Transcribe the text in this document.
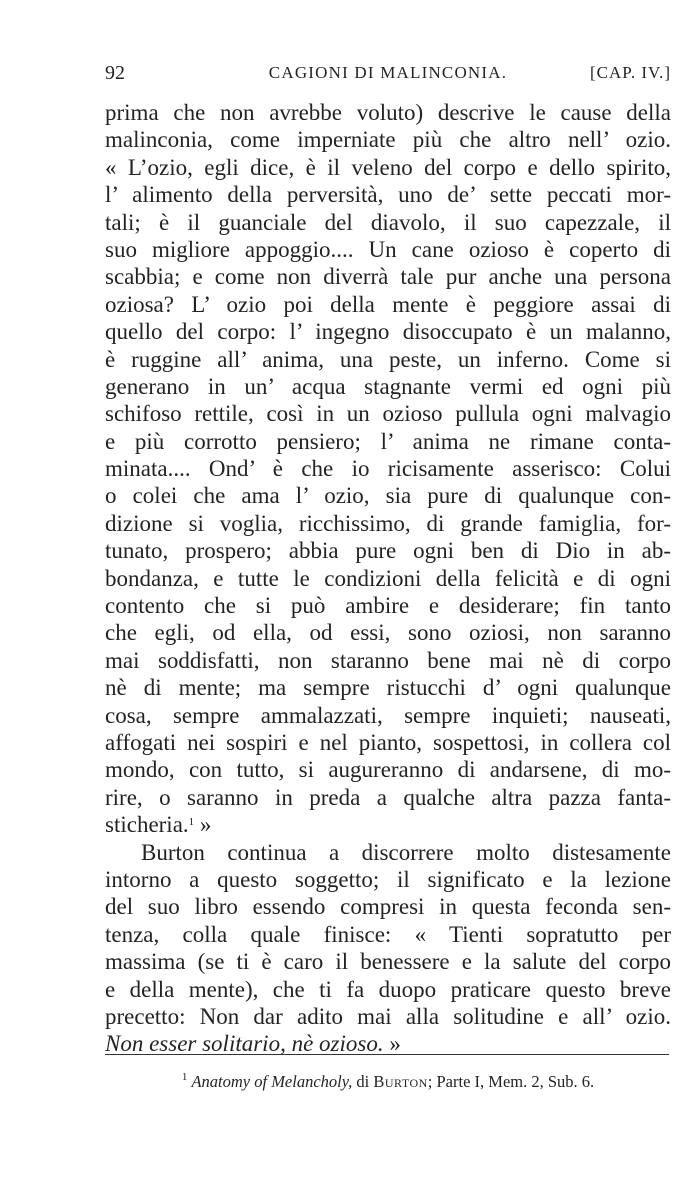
92	CAGIONI DI MALINCONIA.	[CAP. IV.]
prima che non avrebbe voluto) descrive le cause della
malinconia, come imperniate più che altro nell’ ozio.
« L’ozio, egli dice, è il veleno del corpo e dello spirito,
l’ alimento della perversità, uno de’ sette peccati mor-
tali; è il guanciale del diavolo, il suo capezzale, il
suo migliore appoggio.... Un cane ozioso è coperto di
scabbia; e come non diverrà tale pur anche una persona
oziosa? L’ ozio poi della mente è peggiore assai di
quello del corpo: l’ ingegno disoccupato è un malanno,
è ruggine all’ anima, una peste, un inferno. Come si
generano in un’ acqua stagnante vermi ed ogni più
schifoso rettile, così in un ozioso pullula ogni malvagio
e più corrotto pensiero; l’ anima ne rimane conta-
minata.... Ond’ è che io ricisamente asserisco: Colui
o colei che ama l’ ozio, sia pure di qualunque con-
dizione si voglia, ricchissimo, di grande famiglia, for-
tunato, prospero; abbia pure ogni ben di Dio in ab-
bondanza, e tutte le condizioni della felicità e di ogni
contento che si può ambire e desiderare; fin tanto
che egli, od ella, od essi, sono oziosi, non saranno
mai soddisfatti, non staranno bene mai nè di corpo
nè di mente; ma sempre ristucchi d’ ogni qualunque
cosa, sempre ammalazzati, sempre inquieti; nauseati,
affogati nei sospiri e nel pianto, sospettosi, in collera col
mondo, con tutto, si augureranno di andarsene, di mo-
rire, o saranno in preda a qualche altra pazza fanta-
sticheria.$^1$ »
Burton continua a discorrere molto distesamente
intorno a questo soggetto; il significato e la lezione
del suo libro essendo compresi in questa feconda sen-
tenza, colla quale finisce: « Tienti sopratutto per
massima (se ti è caro il benessere e la salute del corpo
e della mente), che ti fa duopo praticare questo breve
precetto: Non dar adito mai alla solitudine e all’ ozio.
Non esser solitario, nè ozioso. »
$^1$ Anatomy of Melancholy, di Burton; Parte I, Mem. 2, Sub. 6.
